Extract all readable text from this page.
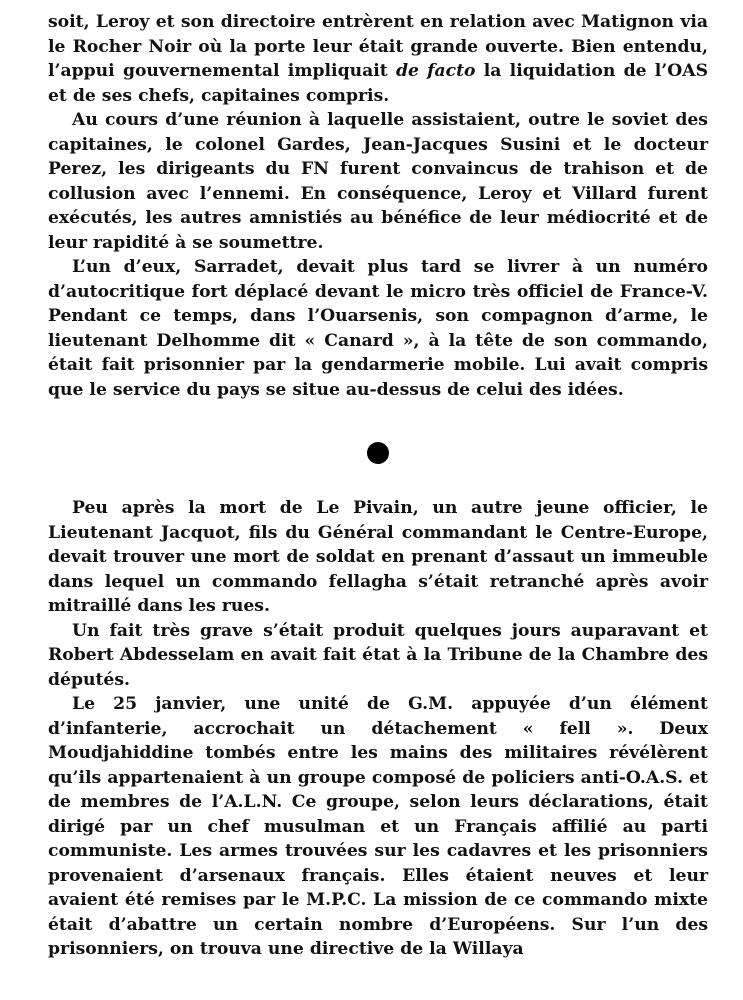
soit, Leroy et son directoire entrèrent en relation avec Matignon via le Rocher Noir où la porte leur était grande ouverte. Bien entendu, l’appui gouvernemental impliquait de facto la liquidation de l’OAS et de ses chefs, capitaines compris.

Au cours d’une réunion à laquelle assistaient, outre le soviet des capitaines, le colonel Gardes, Jean-Jacques Susini et le docteur Perez, les dirigeants du FN furent convaincus de trahison et de collusion avec l’ennemi. En conséquence, Leroy et Villard furent exécutés, les autres amnistiés au bénéfice de leur médiocrité et de leur rapidité à se soumettre.

L’un d’eux, Sarradet, devait plus tard se livrer à un numéro d’autocritique fort déplacé devant le micro très officiel de France-V. Pendant ce temps, dans l’Ouarsenis, son compagnon d’arme, le lieutenant Delhomme dit « Canard », à la tête de son commando, était fait prisonnier par la gendarmerie mobile. Lui avait compris que le service du pays se situe au-dessus de celui des idées.

Peu après la mort de Le Pivain, un autre jeune officier, le Lieutenant Jacquot, fils du Général commandant le Centre-Europe, devait trouver une mort de soldat en prenant d’assaut un immeuble dans lequel un commando fellagha s’était retranché après avoir mitraillé dans les rues.

Un fait très grave s’était produit quelques jours auparavant et Robert Abdesselam en avait fait état à la Tribune de la Chambre des députés.

Le 25 janvier, une unité de G.M. appuyée d’un élément d’infanterie, accrochait un détachement « fell ». Deux Moudjahiddine tombés entre les mains des militaires révélèrent qu’ils appartenaient à un groupe composé de policiers anti-O.A.S. et de membres de l’A.L.N. Ce groupe, selon leurs déclarations, était dirigé par un chef musulman et un Français affilié au parti communiste. Les armes trouvées sur les cadavres et les prisonniers provenaient d’arsenaux français. Elles étaient neuves et leur avaient été remises par le M.P.C. La mission de ce commando mixte était d’abattre un certain nombre d’Européens. Sur l’un des prisonniers, on trouva une directive de la Willaya
